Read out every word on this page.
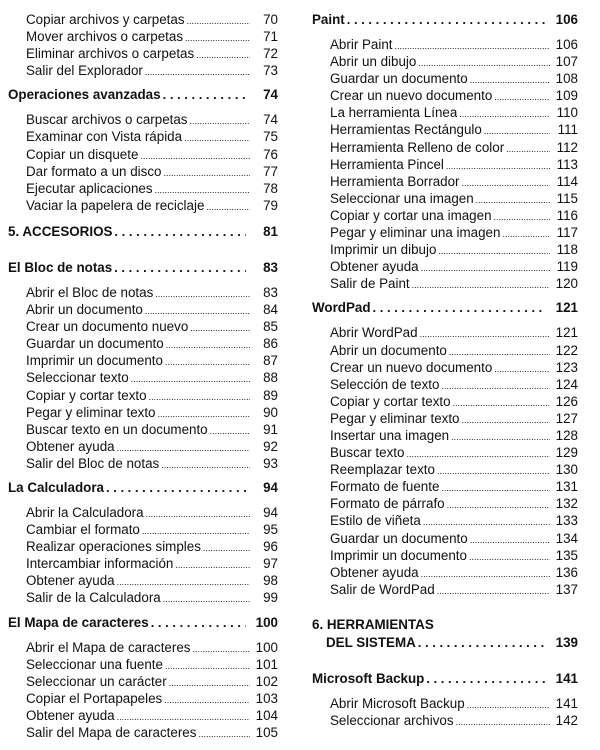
Copiar archivos y carpetas .....	70
Mover archivos o carpetas .....	71
Eliminar archivos o carpetas .....	72
Salir del Explorador .....	73
Operaciones avanzadas . . .	74
Buscar archivos o carpetas .....	74
Examinar con Vista rápida .....	75
Copiar un disquete .....	76
Dar formato a un disco .....	77
Ejecutar aplicaciones .....	78
Vaciar la papelera de reciclaje .....	79
5. ACCESORIOS . . .	81
El Bloc de notas . . .	83
Abrir el Bloc de notas .....	83
Abrir un documento .....	84
Crear un documento nuevo .....	85
Guardar un documento .....	86
Imprimir un documento .....	87
Seleccionar texto .....	88
Copiar y cortar texto .....	89
Pegar y eliminar texto .....	90
Buscar texto en un documento .....	91
Obtener ayuda .....	92
Salir del Bloc de notas .....	93
La Calculadora . . .	94
Abrir la Calculadora .....	94
Cambiar el formato .....	95
Realizar operaciones simples .....	96
Intercambiar información .....	97
Obtener ayuda .....	98
Salir de la Calculadora .....	99
El Mapa de caracteres . . .	100
Abrir el Mapa de caracteres .....	100
Seleccionar una fuente .....	101
Seleccionar un carácter .....	102
Copiar el Portapapeles .....	103
Obtener ayuda .....	104
Salir del Mapa de caracteres .....	105
Paint . . .	106
Abrir Paint .....	106
Abrir un dibujo .....	107
Guardar un documento .....	108
Crear un nuevo documento .....	109
La herramienta Línea .....	110
Herramientas Rectángulo .....	111
Herramienta Relleno de color .....	112
Herramienta Pincel .....	113
Herramienta Borrador .....	114
Seleccionar una imagen .....	115
Copiar y cortar una imagen .....	116
Pegar y eliminar una imagen .....	117
Imprimir un dibujo .....	118
Obtener ayuda .....	119
Salir de Paint .....	120
WordPad . . .	121
Abrir WordPad .....	121
Abrir un documento .....	122
Crear un nuevo documento .....	123
Selección de texto .....	124
Copiar y cortar texto .....	126
Pegar y eliminar texto .....	127
Insertar una imagen .....	128
Buscar texto .....	129
Reemplazar texto .....	130
Formato de fuente .....	131
Formato de párrafo .....	132
Estilo de viñeta .....	133
Guardar un documento .....	134
Imprimir un documento .....	135
Obtener ayuda .....	136
Salir de WordPad .....	137
6. HERRAMIENTAS
DEL SISTEMA . . .	139
Microsoft Backup . . .	141
Abrir Microsoft Backup .....	141
Seleccionar archivos .....	142
